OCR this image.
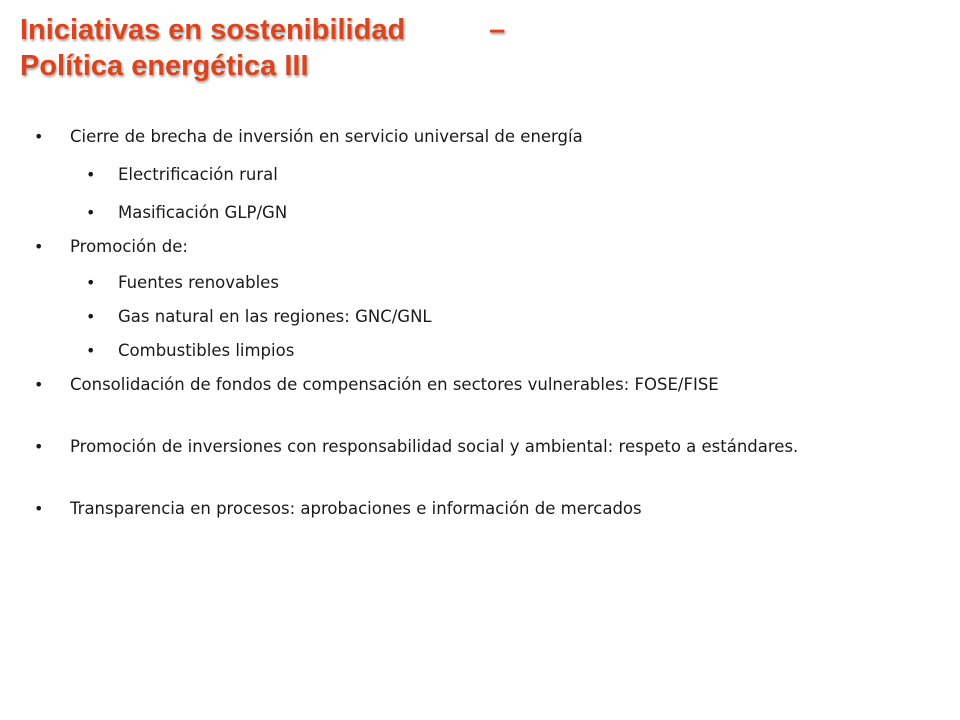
Iniciativas en sostenibilidad	–
Política energética III
• Cierre de brecha de inversión en servicio universal de energía
• Electrificación rural
• Masificación GLP/GN
• Promoción de:
• Fuentes renovables
• Gas natural en las regiones: GNC/GNL
• Combustibles limpios
• Consolidación de fondos de compensación en sectores vulnerables: FOSE/FISE
• Promoción de inversiones con responsabilidad social y ambiental: respeto a estándares.
• Transparencia en procesos: aprobaciones e información de mercados
